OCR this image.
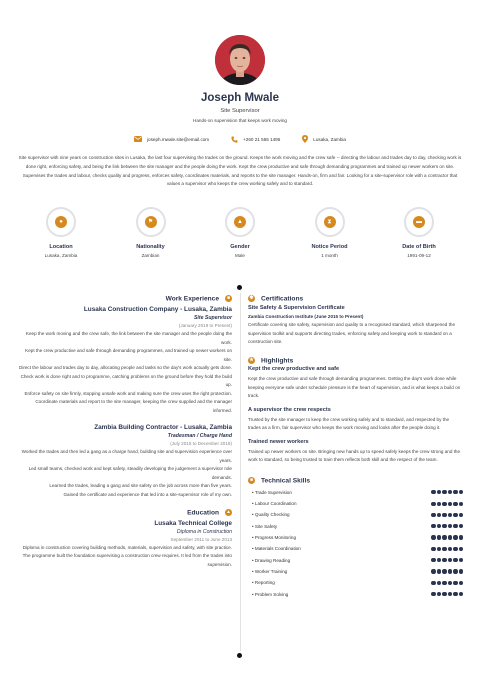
Joseph Mwale
Site Supervisor
Hands-on supervision that keeps work moving
joseph.mwale.site@email.com	+260 21 555 1495	Lusaka, Zambia
Site supervisor with nine years on construction sites in Lusaka, the last four supervising the trades on the ground. Keeps the work moving and the crew safe -- directing the labour and trades day to day, checking work is done right, enforcing safety, and being the link between the site manager and the people doing the work. Kept the crew productive and safe through demanding programmes and trained up newer workers on site. Supervises the trades and labour, checks quality and progress, enforces safety, coordinates materials, and reports to the site manager. Hands-on, firm and fair. Looking for a site-supervisor role with a contractor that values a supervisor who keeps the crew working safely and to standard.
●
Location
Lusaka, Zambia
⚑
Nationality
Zambian
▲
Gender
Male
⧗
Notice Period
1 month
▬
Date of Birth
1991-09-12
Work Experience ■
Lusaka Construction Company - Lusaka, Zambia
Site Supervisor
(January 2019 to Present)
Keep the work moving and the crew safe, the link between the site manager and the people doing the work.
Kept the crew productive and safe through demanding programmes, and trained up newer workers on site.
Direct the labour and trades day to day, allocating people and tasks so the day's work actually gets done.
Check work is done right and to programme, catching problems on the ground before they hold the build up.
Enforce safety on site firmly, stopping unsafe work and making sure the crew uses the right protection.
Coordinate materials and report to the site manager, keeping the crew supplied and the manager informed.
Zambia Building Contractor - Lusaka, Zambia
Tradesman / Charge Hand
(July 2015 to December 2018)
Worked the trades and then led a gang as a charge hand, building site and supervision experience over years.
Led small teams, checked work and kept safety, steadily developing the judgement a supervisor role demands.
Learned the trades, leading a gang and site safety on the job across more than five years.
Gained the certificate and experience that led into a site-supervisor role of my own.
Education ▲
Lusaka Technical College
Diploma in Construction
September 2011 to June 2013
Diploma in construction covering building methods, materials, supervision and safety, with site practice. The programme built the foundation supervising a construction crew requires. It led from the trades into supervision.
✱ Certifications
Site Safety & Supervision Certificate
Zambia Construction Institute (June 2015 to Present)
Certificate covering site safety, supervision and quality to a recognised standard, which sharpened the supervision toolkit and supports directing trades, enforcing safety and keeping work to standard on a construction site.
★ Highlights
Kept the crew productive and safe
Kept the crew productive and safe through demanding programmes. Getting the day's work done while keeping everyone safe under schedule pressure is the heart of supervision, and is what keeps a build on track.
A supervisor the crew respects
Trusted by the site manager to keep the crew working safely and to standard, and respected by the trades as a firm, fair supervisor who keeps the work moving and looks after the people doing it.
Trained newer workers
Trained up newer workers on site. Bringing new hands up to speed safely keeps the crew strong and the work to standard, so being trusted to train them reflects both skill and the respect of the team.
■ Technical Skills
• Trade Supervision
• Labour Coordination
• Quality Checking
• Site Safety
• Progress Monitoring
• Materials Coordination
• Drawing Reading
• Worker Training
• Reporting
• Problem Solving
